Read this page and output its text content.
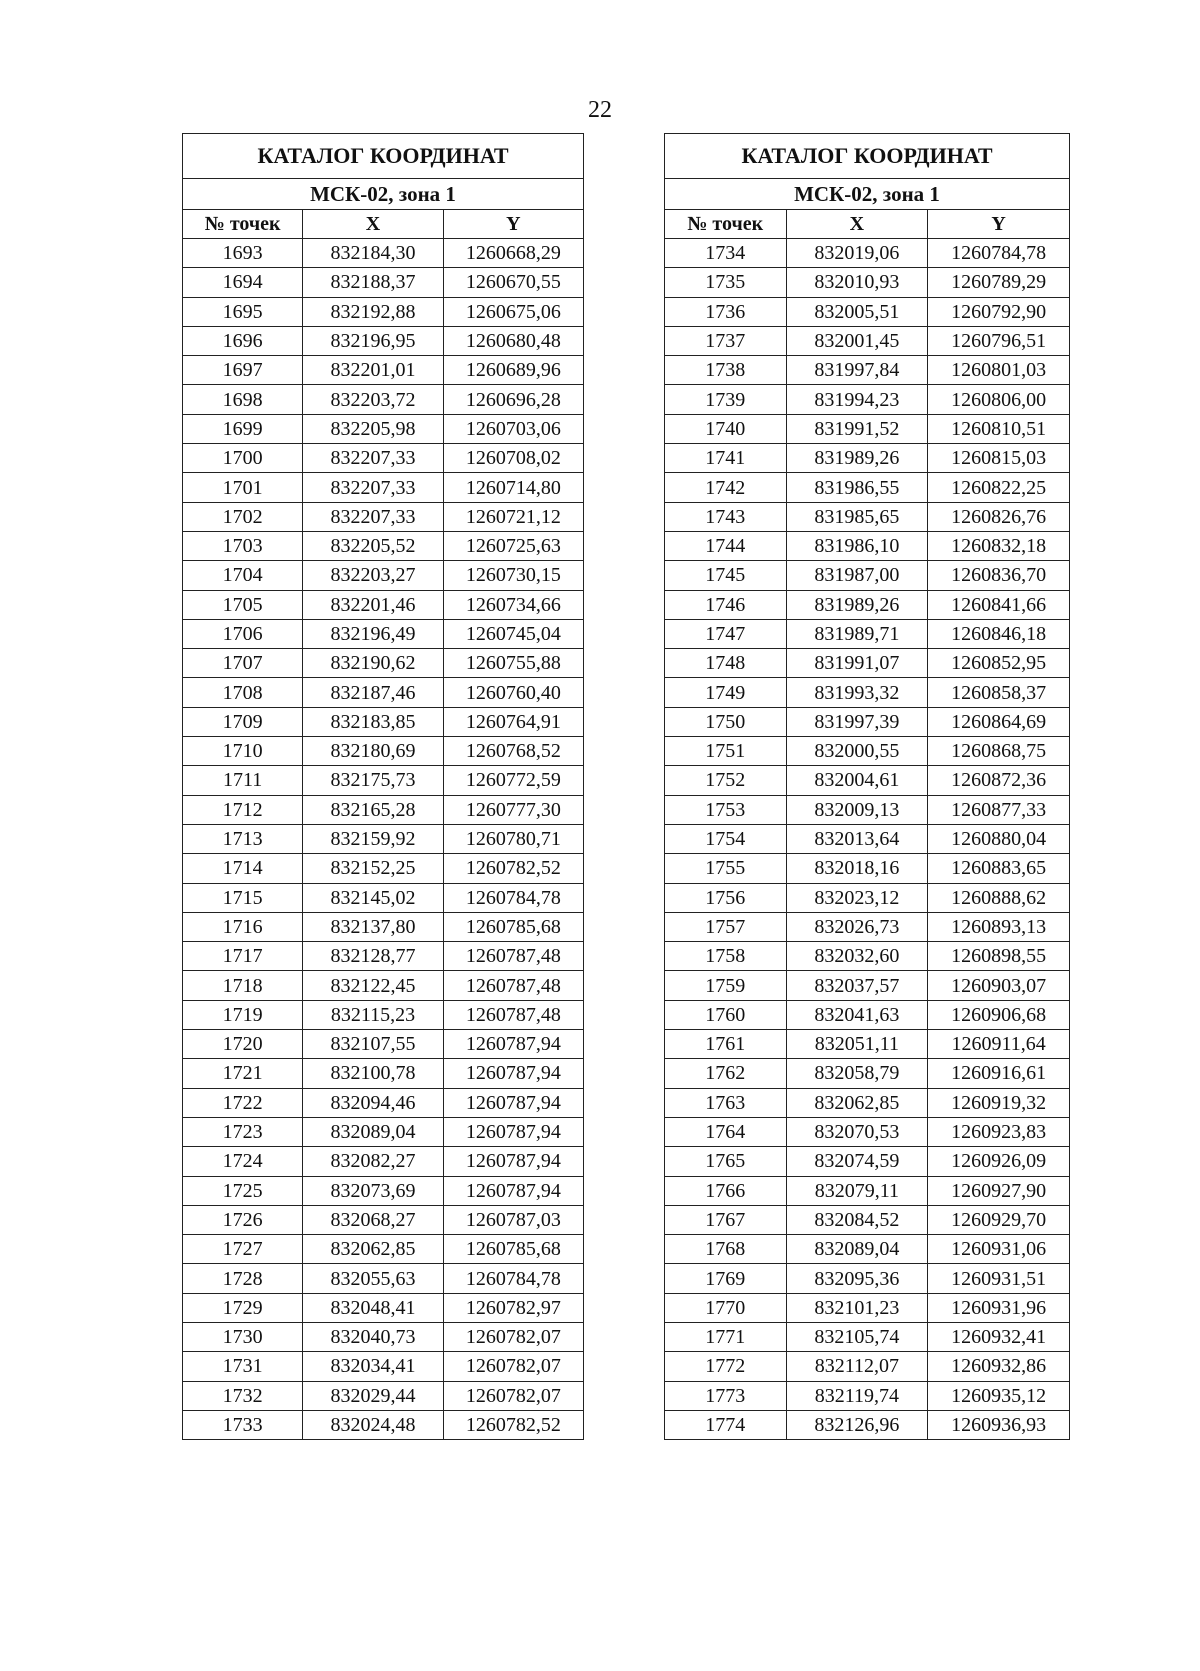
22
КАТАЛОГ КООРДИНАТ		
МСК-02, зона 1		
№ точек	X	Y
1693	832184,30	1260668,29
1694	832188,37	1260670,55
1695	832192,88	1260675,06
1696	832196,95	1260680,48
1697	832201,01	1260689,96
1698	832203,72	1260696,28
1699	832205,98	1260703,06
1700	832207,33	1260708,02
1701	832207,33	1260714,80
1702	832207,33	1260721,12
1703	832205,52	1260725,63
1704	832203,27	1260730,15
1705	832201,46	1260734,66
1706	832196,49	1260745,04
1707	832190,62	1260755,88
1708	832187,46	1260760,40
1709	832183,85	1260764,91
1710	832180,69	1260768,52
1711	832175,73	1260772,59
1712	832165,28	1260777,30
1713	832159,92	1260780,71
1714	832152,25	1260782,52
1715	832145,02	1260784,78
1716	832137,80	1260785,68
1717	832128,77	1260787,48
1718	832122,45	1260787,48
1719	832115,23	1260787,48
1720	832107,55	1260787,94
1721	832100,78	1260787,94
1722	832094,46	1260787,94
1723	832089,04	1260787,94
1724	832082,27	1260787,94
1725	832073,69	1260787,94
1726	832068,27	1260787,03
1727	832062,85	1260785,68
1728	832055,63	1260784,78
1729	832048,41	1260782,97
1730	832040,73	1260782,07
1731	832034,41	1260782,07
1732	832029,44	1260782,07
1733	832024,48	1260782,52
КАТАЛОГ КООРДИНАТ		
МСК-02, зона 1		
№ точек	X	Y
1734	832019,06	1260784,78
1735	832010,93	1260789,29
1736	832005,51	1260792,90
1737	832001,45	1260796,51
1738	831997,84	1260801,03
1739	831994,23	1260806,00
1740	831991,52	1260810,51
1741	831989,26	1260815,03
1742	831986,55	1260822,25
1743	831985,65	1260826,76
1744	831986,10	1260832,18
1745	831987,00	1260836,70
1746	831989,26	1260841,66
1747	831989,71	1260846,18
1748	831991,07	1260852,95
1749	831993,32	1260858,37
1750	831997,39	1260864,69
1751	832000,55	1260868,75
1752	832004,61	1260872,36
1753	832009,13	1260877,33
1754	832013,64	1260880,04
1755	832018,16	1260883,65
1756	832023,12	1260888,62
1757	832026,73	1260893,13
1758	832032,60	1260898,55
1759	832037,57	1260903,07
1760	832041,63	1260906,68
1761	832051,11	1260911,64
1762	832058,79	1260916,61
1763	832062,85	1260919,32
1764	832070,53	1260923,83
1765	832074,59	1260926,09
1766	832079,11	1260927,90
1767	832084,52	1260929,70
1768	832089,04	1260931,06
1769	832095,36	1260931,51
1770	832101,23	1260931,96
1771	832105,74	1260932,41
1772	832112,07	1260932,86
1773	832119,74	1260935,12
1774	832126,96	1260936,93
